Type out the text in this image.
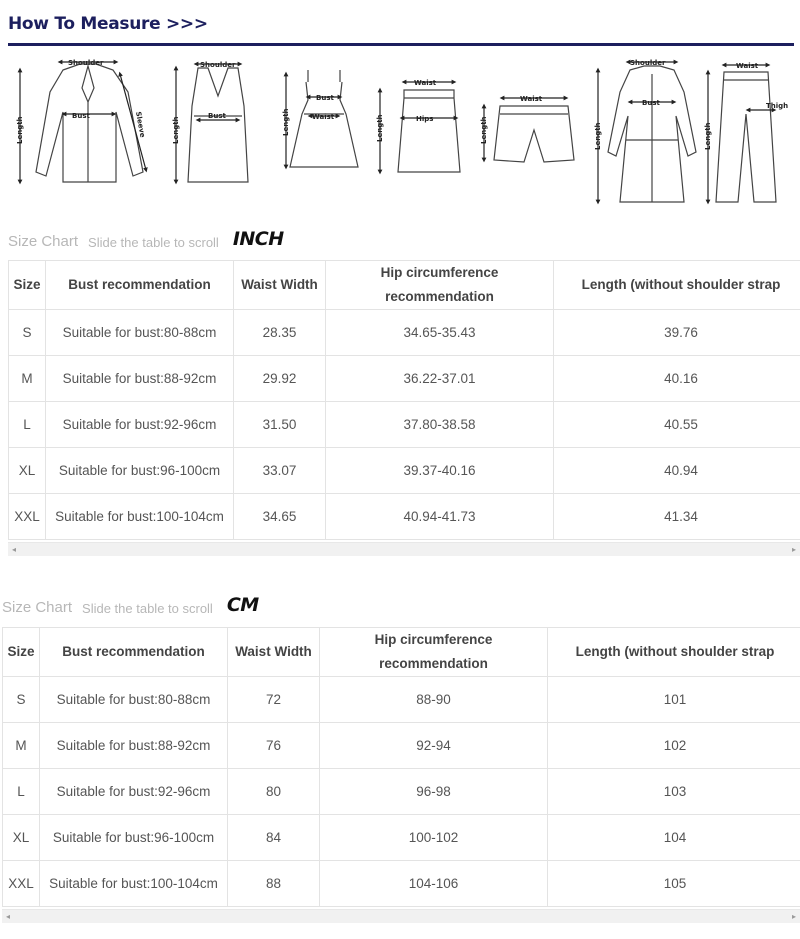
How To Measure >>>
Shoulder
Bust	Sleeve
Length
Shoulder
Bust
Length
Bust
Waist
Length
Waist
Hips
Length
Waist
Length
Shoulder
Bust
Length
Waist
Thigh
Length
Size Chart Slide the table to scroll INCH
Size	Bust recommendation	Waist Width	Hip circumference recommendation	Length (without shoulder strap
S	Suitable for bust:80-88cm	28.35	34.65-35.43	39.76
M	Suitable for bust:88-92cm	29.92	36.22-37.01	40.16
L	Suitable for bust:92-96cm	31.50	37.80-38.58	40.55
XL	Suitable for bust:96-100cm	33.07	39.37-40.16	40.94
XXL	Suitable for bust:100-104cm	34.65	40.94-41.73	41.34
◂	▸
Size Chart Slide the table to scroll CM
Size	Bust recommendation	Waist Width	Hip circumference recommendation	Length (without shoulder strap
S	Suitable for bust:80-88cm	72	88-90	101
M	Suitable for bust:88-92cm	76	92-94	102
L	Suitable for bust:92-96cm	80	96-98	103
XL	Suitable for bust:96-100cm	84	100-102	104
XXL	Suitable for bust:100-104cm	88	104-106	105
◂	▸
